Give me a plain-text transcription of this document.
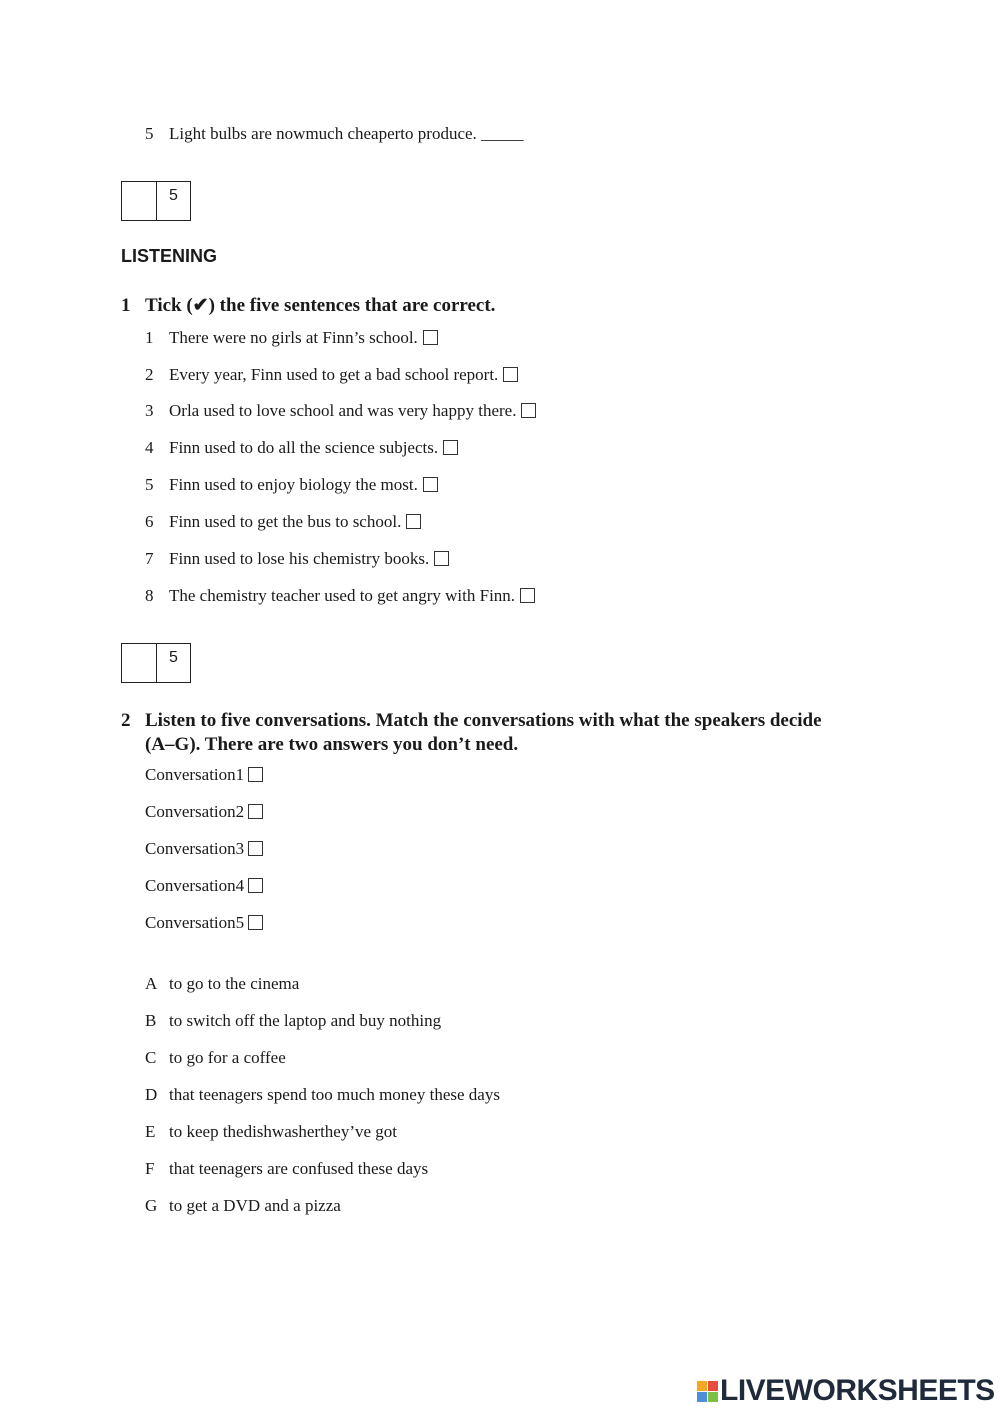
5 Light bulbs are nowmuch cheaperto produce. _____
5
LISTENING
1 Tick (✔) the five sentences that are correct.
1 There were no girls at Finn’s school.
2 Every year, Finn used to get a bad school report.
3 Orla used to love school and was very happy there.
4 Finn used to do all the science subjects.
5 Finn used to enjoy biology the most.
6 Finn used to get the bus to school.
7 Finn used to lose his chemistry books.
8 The chemistry teacher used to get angry with Finn.
5
2 Listen to five conversations. Match the conversations with what the speakers decide
(A–G). There are two answers you don’t need.
Conversation1
Conversation2
Conversation3
Conversation4
Conversation5
A to go to the cinema
B to switch off the laptop and buy nothing
C to go for a coffee
D that teenagers spend too much money these days
E to keep thedishwasherthey’ve got
F that teenagers are confused these days
G to get a DVD and a pizza
LIVEWORKSHEETS
